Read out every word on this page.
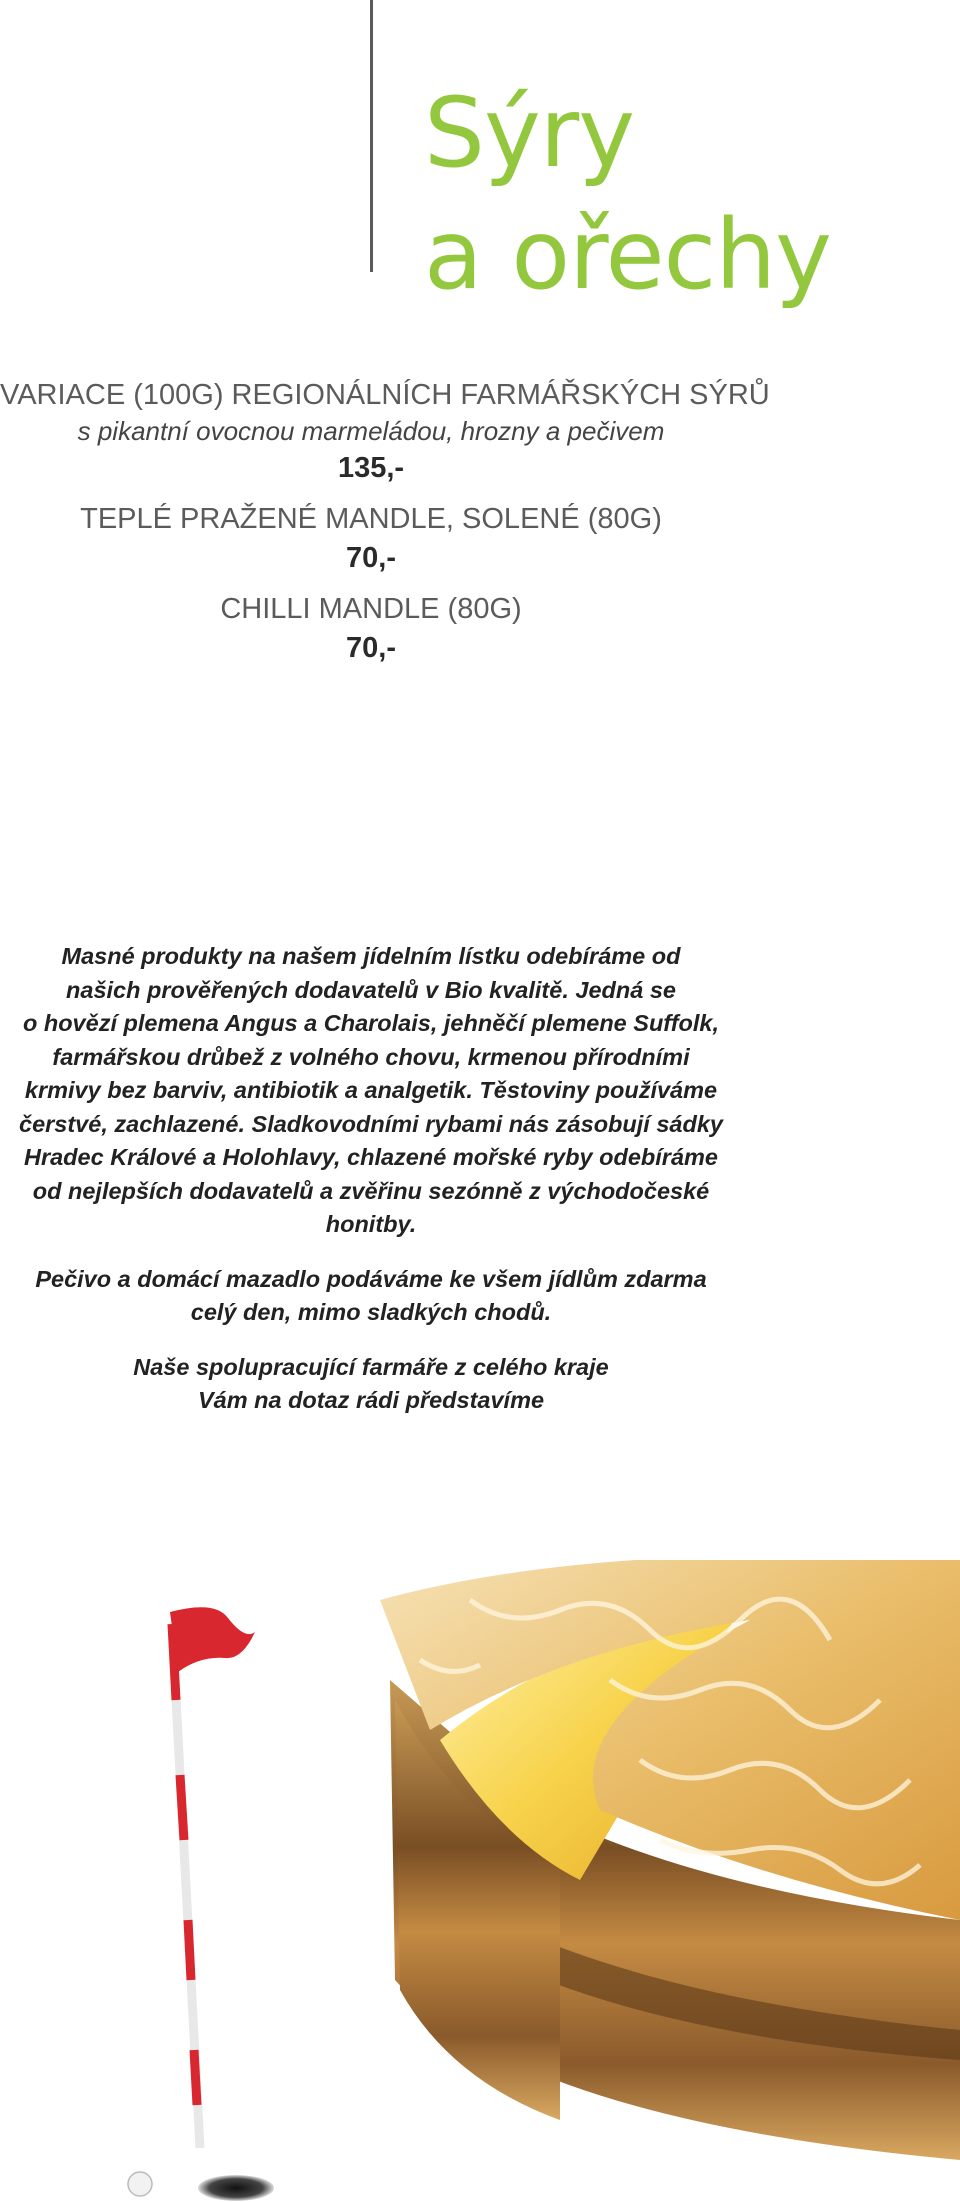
Sýry
a ořechy
VARIACE (100G) REGIONÁLNÍCH FARMÁŘSKÝCH SÝRŮ
s pikantní ovocnou marmeládou, hrozny a pečivem
135,-
TEPLÉ PRAŽENÉ MANDLE, SOLENÉ (80G)
70,-
CHILLI MANDLE (80G)
70,-

Masné produkty na našem jídelním lístku odebíráme od
našich prověřených dodavatelů v Bio kvalitě. Jedná se
o hovězí plemena Angus a Charolais, jehněčí plemene Suffolk,
farmářskou drůbež z volného chovu, krmenou přírodními
krmivy bez barviv, antibiotik a analgetik. Těstoviny používáme
čerstvé, zachlazené. Sladkovodními rybami nás zásobují sádky
Hradec Králové a Holohlavy, chlazené mořské ryby odebíráme
od nejlepších dodavatelů a zvěřinu sezónně z východočeské
honitby.

Pečivo a domácí mazadlo podáváme ke všem jídlům zdarma
celý den, mimo sladkých chodů.

Naše spolupracující farmáře z celého kraje
Vám na dotaz rádi představíme
